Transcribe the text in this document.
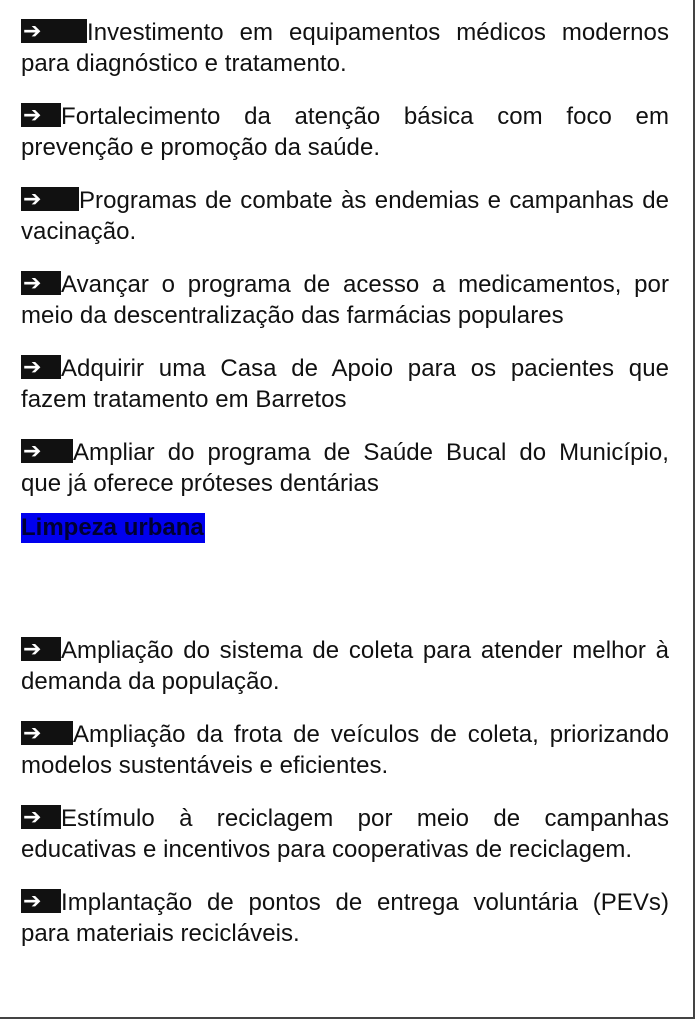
➔ Investimento em equipamentos médicos modernos para diagnóstico e tratamento.

➔ Fortalecimento da atenção básica com foco em prevenção e promoção da saúde.

➔ Programas de combate às endemias e campanhas de vacinação.

➔ Avançar o programa de acesso a medicamentos, por meio da descentralização das farmácias populares

➔ Adquirir uma Casa de Apoio para os pacientes que fazem tratamento em Barretos

➔ Ampliar do programa de Saúde Bucal do Município, que já oferece próteses dentárias

Limpeza urbana

➔ Ampliação do sistema de coleta para atender melhor à demanda da população.

➔ Ampliação da frota de veículos de coleta, priorizando modelos sustentáveis e eficientes.

➔ Estímulo à reciclagem por meio de campanhas educativas e incentivos para cooperativas de reciclagem.

➔ Implantação de pontos de entrega voluntária (PEVs) para materiais recicláveis.
